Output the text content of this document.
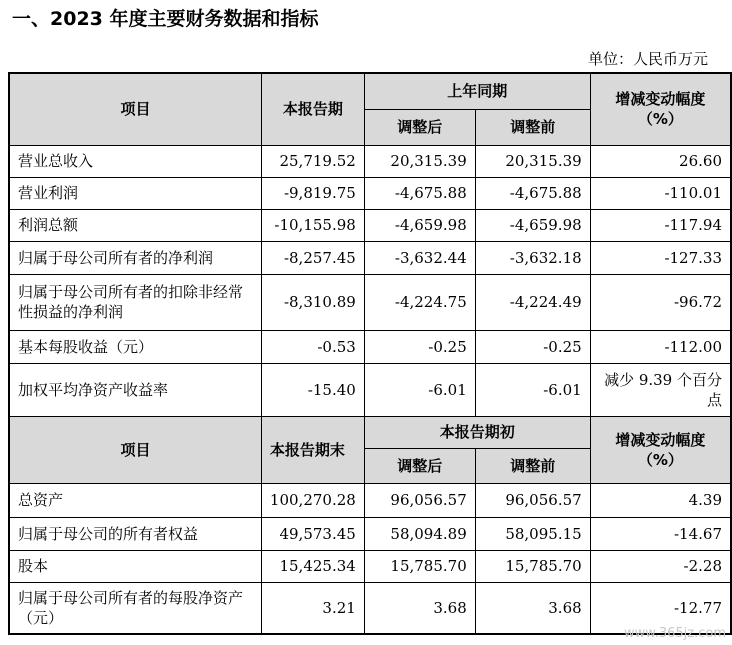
一、2023 年度主要财务数据和指标
单位：人民币万元
项目	本报告期	上年同期		增减变动幅度
（%）

		调整后	调整前	
营业总收入	25,719.52	20,315.39	20,315.39	26.60
营业利润	-9,819.75	-4,675.88	-4,675.88	-110.01
利润总额	-10,155.98	-4,659.98	-4,659.98	-117.94
归属于母公司所有者的净利润	-8,257.45	-3,632.44	-3,632.18	-127.33
归属于母公司所有者的扣除非经常性损益的净利润	-8,310.89	-4,224.75	-4,224.49	-96.72
基本每股收益（元）	-0.53	-0.25	-0.25	-112.00
加权平均净资产收益率	-15.40	-6.01	-6.01	减少 9.39 个百分点
项目	本报告期末	本报告期初		增减变动幅度
（%）

		调整后	调整前	
总资产	100,270.28	96,056.57	96,056.57	4.39
归属于母公司的所有者权益	49,573.45	58,094.89	58,095.15	-14.67
股本	15,425.34	15,785.70	15,785.70	-2.28
归属于母公司所有者的每股净资产（元）	3.21	3.68	3.68	-12.77
www.365jz.com
